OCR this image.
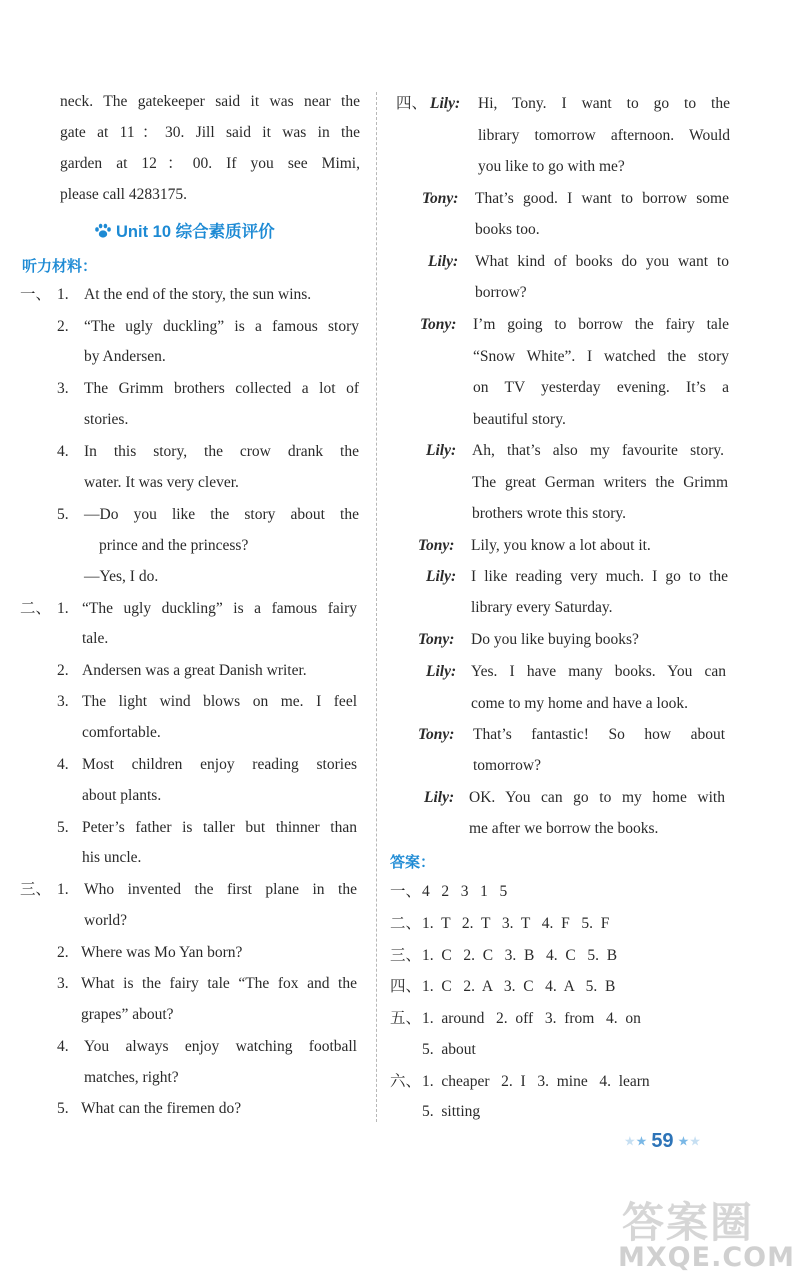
neck. The gatekeeper said it was near the
gate at 11：30. Jill said it was in the
garden at 12：00. If you see Mimi,
please call 4283175.
Unit 10 综合素质评价
听力材料：
一、 1. At the end of the story, the sun wins.
2. “The ugly duckling” is a famous story
by Andersen.
3. The Grimm brothers collected a lot of
stories.
4. In this story, the crow drank the
water. It was very clever.
5. —Do you like the story about the
prince and the princess?
—Yes, I do.
二、 1. “The ugly duckling” is a famous fairy
tale.
2. Andersen was a great Danish writer.
3. The light wind blows on me. I feel
comfortable.
4. Most children enjoy reading stories
about plants.
5. Peter’s father is taller but thinner than
his uncle.
三、 1. Who invented the first plane in the
world?
2. Where was Mo Yan born?
3. What is the fairy tale “The fox and the
grapes” about?
4. You always enjoy watching football
matches, right?
5. What can the firemen do?
四、 Lily: Hi, Tony. I want to go to the
library tomorrow afternoon. Would
you like to go with me?
Tony: That’s good. I want to borrow some
books too.
Lily: What kind of books do you want to
borrow?
Tony: I’m going to borrow the fairy tale
“Snow White”. I watched the story
on TV yesterday evening. It’s a
beautiful story.
Lily: Ah, that’s also my favourite story.
The great German writers the Grimm
brothers wrote this story.
Tony: Lily, you know a lot about it.
Lily: I like reading very much. I go to the
library every Saturday.
Tony: Do you like buying books?
Lily: Yes. I have many books. You can
come to my home and have a look.
Tony: That’s fantastic! So how about
tomorrow?
Lily: OK. You can go to my home with
me after we borrow the books.
答案：
一、 4   2   3   1   5
二、 1.  T   2.  T   3.  T   4.  F   5.  F
三、 1.  C   2.  C   3.  B   4.  C   5.  B
四、 1.  C   2.  A   3.  C   4.  A   5.  B
五、 1.  around   2.  off   3.  from   4.  on
5.  about
六、 1.  cheaper   2.  I   3.  mine   4.  learn
5.  sitting
★★ 59 ★★
答案圈
MXQE.COM
